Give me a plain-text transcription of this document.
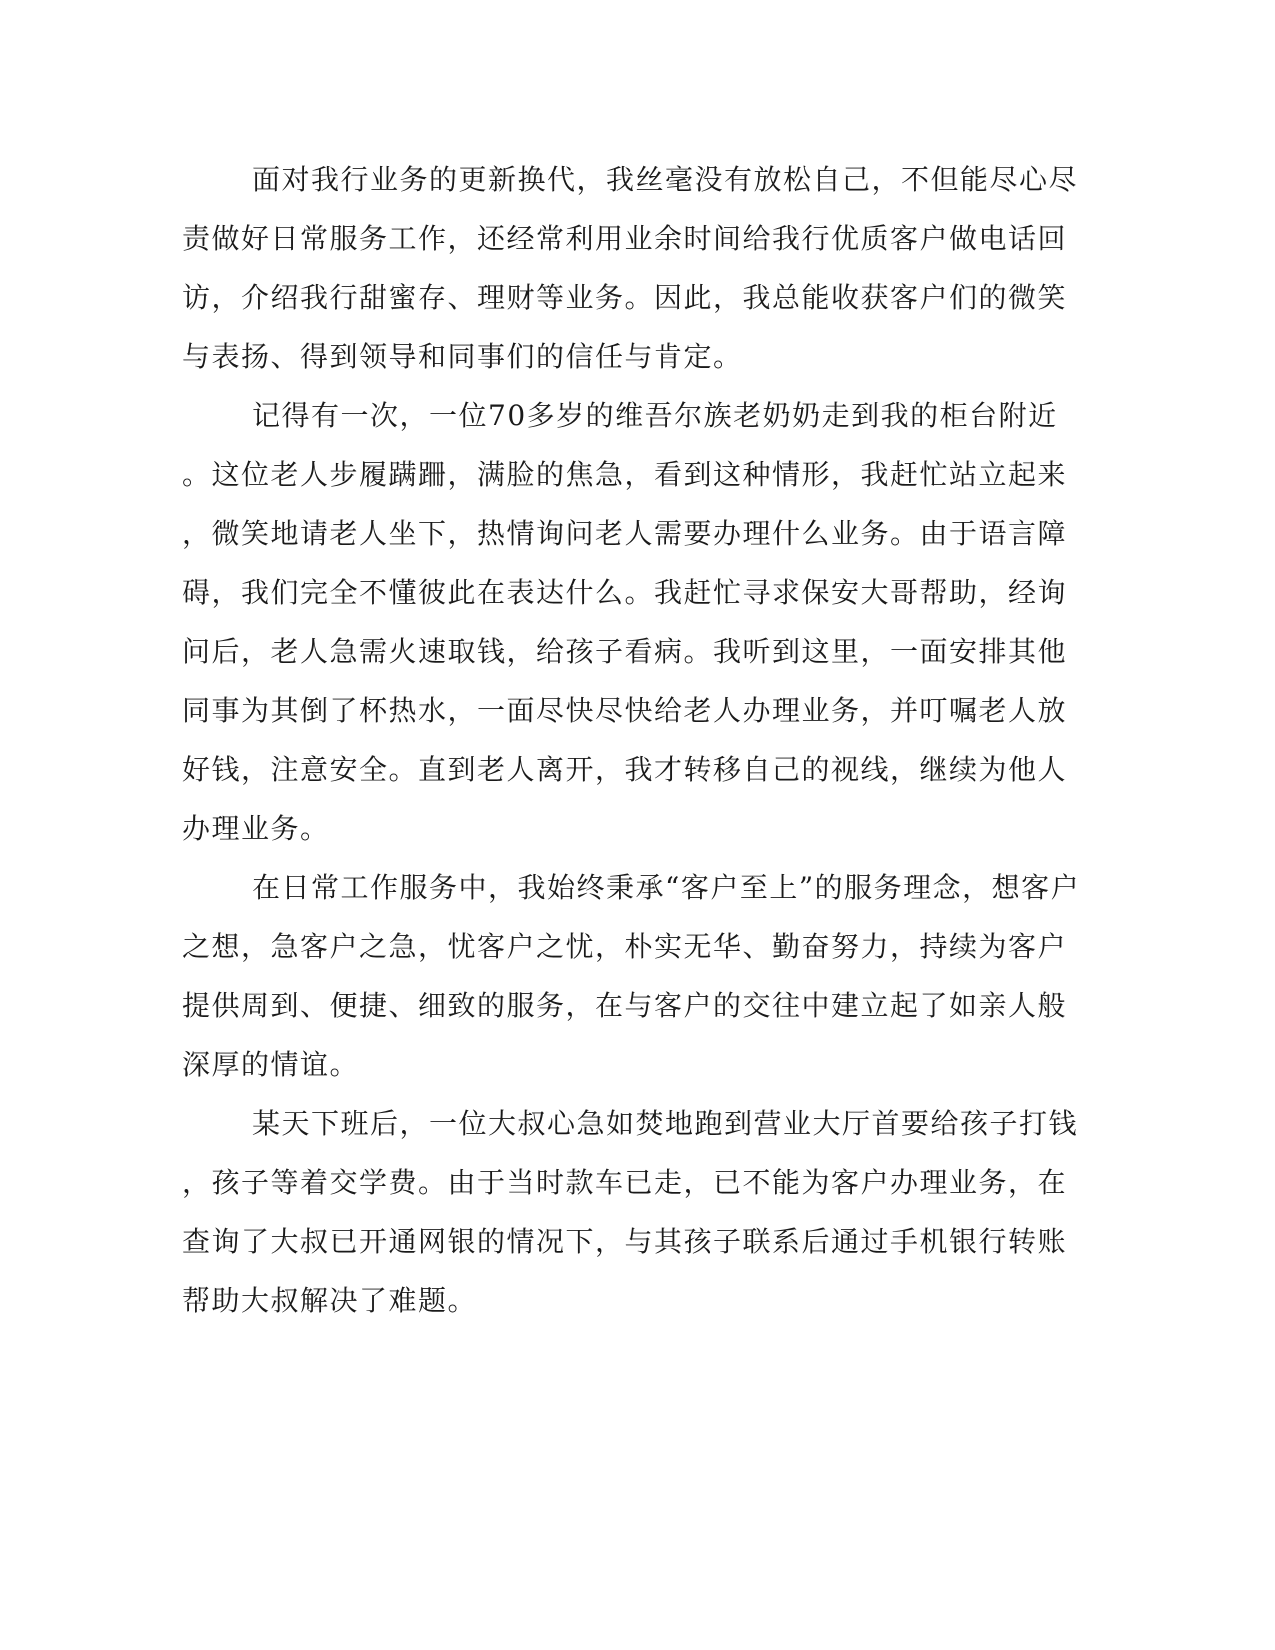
面对我行业务的更新换代，我丝毫没有放松自己，不但能尽心尽
责做好日常服务工作，还经常利用业余时间给我行优质客户做电话回
访，介绍我行甜蜜存、理财等业务。因此，我总能收获客户们的微笑
与表扬、得到领导和同事们的信任与肯定。
记得有一次，一位70多岁的维吾尔族老奶奶走到我的柜台附近
。这位老人步履蹒跚，满脸的焦急，看到这种情形，我赶忙站立起来
，微笑地请老人坐下，热情询问老人需要办理什么业务。由于语言障
碍，我们完全不懂彼此在表达什么。我赶忙寻求保安大哥帮助，经询
问后，老人急需火速取钱，给孩子看病。我听到这里，一面安排其他
同事为其倒了杯热水，一面尽快尽快给老人办理业务，并叮嘱老人放
好钱，注意安全。直到老人离开，我才转移自己的视线，继续为他人
办理业务。
在日常工作服务中，我始终秉承“客户至上”的服务理念，想客户
之想，急客户之急，忧客户之忧，朴实无华、勤奋努力，持续为客户
提供周到、便捷、细致的服务，在与客户的交往中建立起了如亲人般
深厚的情谊。
某天下班后，一位大叔心急如焚地跑到营业大厅首要给孩子打钱
，孩子等着交学费。由于当时款车已走，已不能为客户办理业务，在
查询了大叔已开通网银的情况下，与其孩子联系后通过手机银行转账
帮助大叔解决了难题。
